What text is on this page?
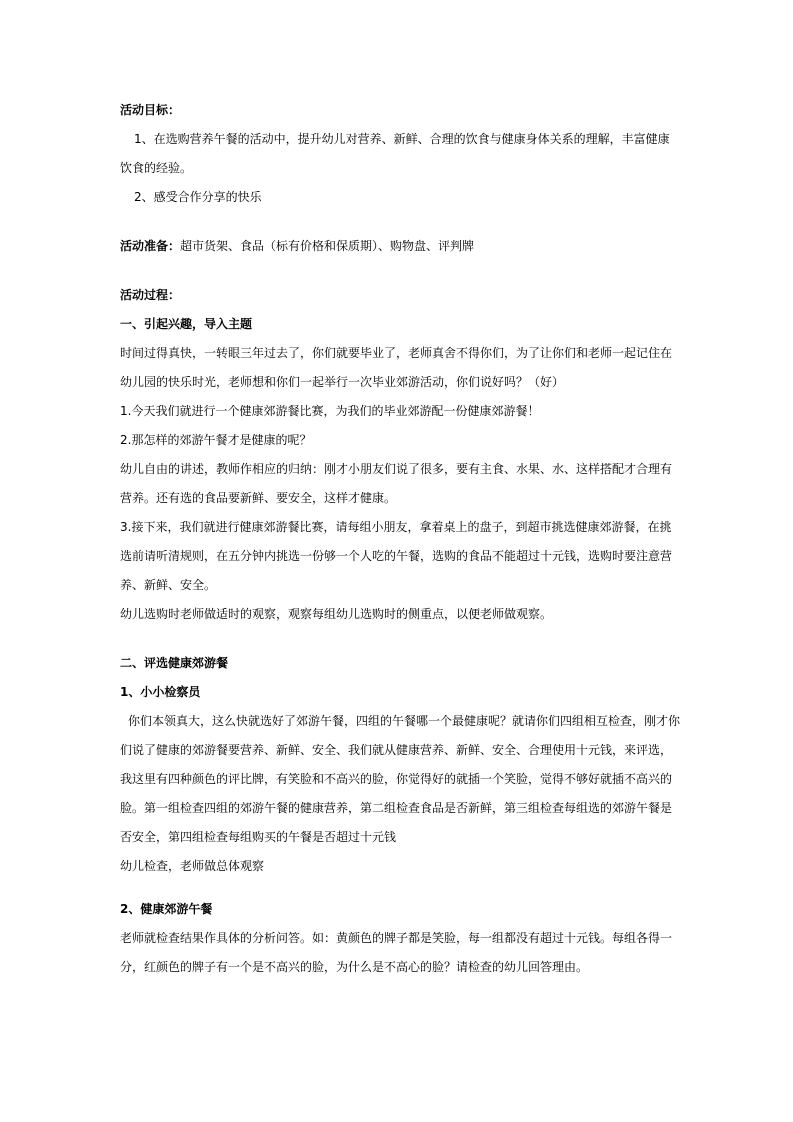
活动目标：

1、在选购营养午餐的活动中，提升幼儿对营养、新鲜、合理的饮食与健康身体关系的理解，丰富健康饮食的经验。

2、感受合作分享的快乐

活动准备：超市货架、食品（标有价格和保质期）、购物盘、评判牌

活动过程：

一、引起兴趣，导入主题

时间过得真快，一转眼三年过去了，你们就要毕业了，老师真舍不得你们，为了让你们和老师一起记住在幼儿园的快乐时光，老师想和你们一起举行一次毕业郊游活动，你们说好吗？（好）

1.今天我们就进行一个健康郊游餐比赛，为我们的毕业郊游配一份健康郊游餐！

2.那怎样的郊游午餐才是健康的呢？

幼儿自由的讲述，教师作相应的归纳：刚才小朋友们说了很多，要有主食、水果、水、这样搭配才合理有营养。还有选的食品要新鲜、要安全，这样才健康。

3.接下来，我们就进行健康郊游餐比赛，请每组小朋友，拿着桌上的盘子，到超市挑选健康郊游餐，在挑选前请听清规则，在五分钟内挑选一份够一个人吃的午餐，选购的食品不能超过十元钱，选购时要注意营养、新鲜、安全。

幼儿选购时老师做适时的观察，观察每组幼儿选购时的侧重点，以便老师做观察。

二、评选健康郊游餐

1、小小检察员

你们本领真大，这么快就选好了郊游午餐，四组的午餐哪一个最健康呢？就请你们四组相互检查，刚才你们说了健康的郊游餐要营养、新鲜、安全、我们就从健康营养、新鲜、安全、合理使用十元钱，来评选，我这里有四种颜色的评比牌，有笑脸和不高兴的脸，你觉得好的就插一个笑脸，觉得不够好就插不高兴的脸。第一组检查四组的郊游午餐的健康营养，第二组检查食品是否新鲜，第三组检查每组选的郊游午餐是否安全，第四组检查每组购买的午餐是否超过十元钱

幼儿检查，老师做总体观察

2、健康郊游午餐

老师就检查结果作具体的分析问答。如：黄颜色的牌子都是笑脸，每一组都没有超过十元钱。每组各得一分，红颜色的牌子有一个是不高兴的脸，为什么是不高心的脸？请检查的幼儿回答理由。
